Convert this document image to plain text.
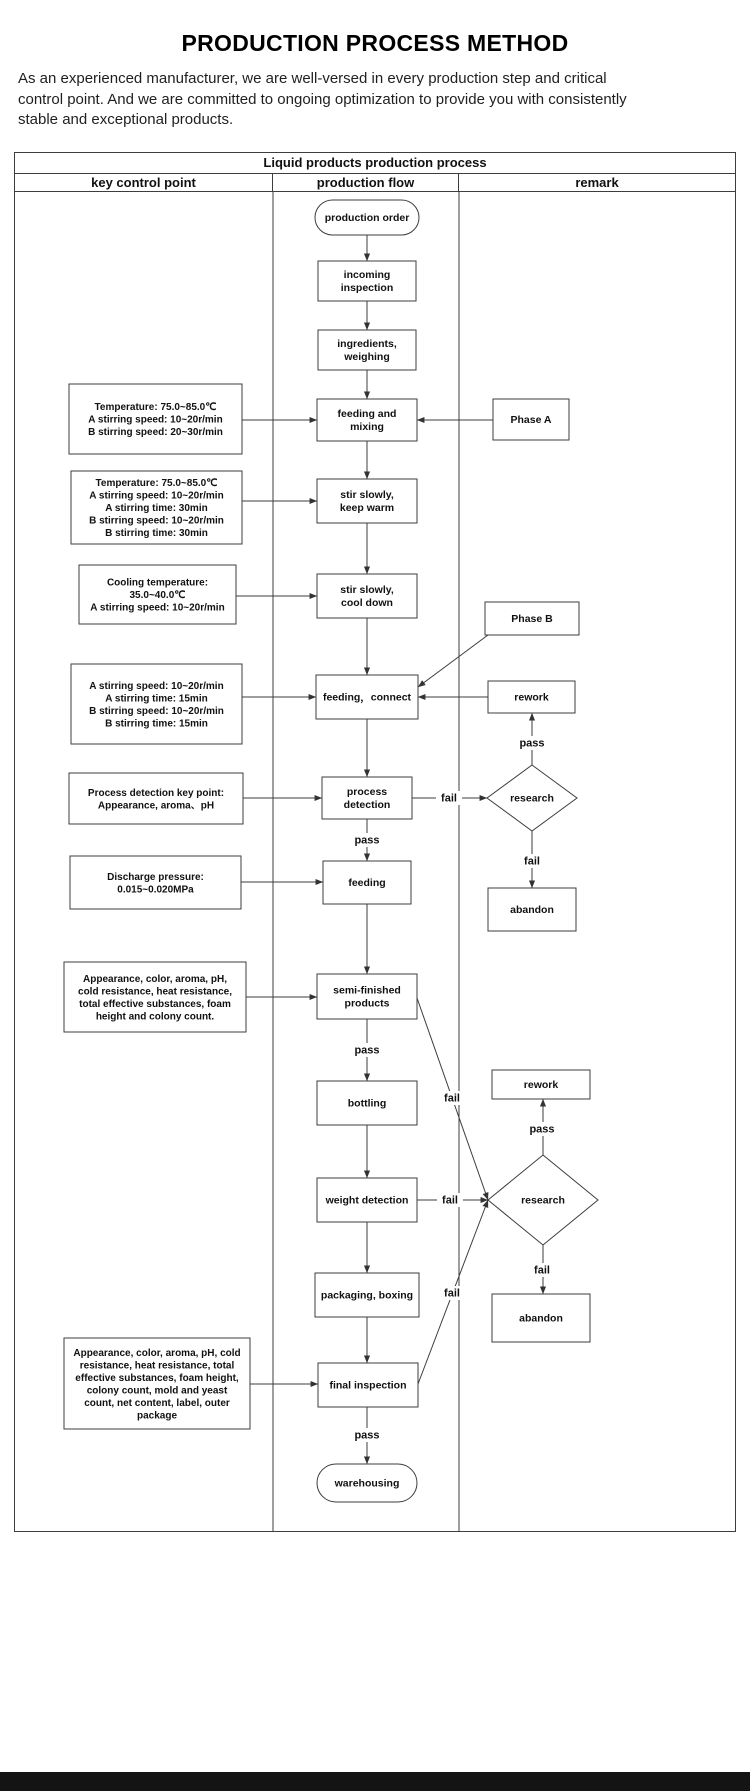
PRODUCTION PROCESS METHOD

As an experienced manufacturer, we are well-versed in every production step and critical control point. And we are committed to ongoing optimization to provide you with consistently stable and exceptional products.

Liquid products production process
key control point	production flow	remark
production order
incoming inspection
ingredients, weighing
feeding and mixing
stir slowly, keep warm
stir slowly, cool down
feeding，connect
process detection
feeding
semi-finished products
bottling
weight detection
packaging, boxing
final inspection
warehousing
Temperature: 75.0~85.0℃ A stirring speed: 10~20r/min B stirring speed: 20~30r/min
Temperature: 75.0~85.0℃ A stirring speed: 10~20r/min A stirring time: 30min B stirring speed: 10~20r/min B stirring time: 30min
Cooling temperature: 35.0~40.0℃ A stirring speed: 10~20r/min
A stirring speed: 10~20r/min A stirring time: 15min B stirring speed: 10~20r/min B stirring time: 15min
Process detection key point: Appearance, aroma、pH
Discharge pressure: 0.015~0.020MPa
Appearance, color, aroma, pH, cold resistance, heat resistance, total effective substances, foam height and colony count.
Appearance, color, aroma, pH, cold resistance, heat resistance, total effective substances, foam height, colony count, mold and yeast count, net content, label, outer package
Phase A
Phase B
rework
research
abandon
rework
research
abandon
pass
pass
pass
pass
fail
fail
fail
fail
fail
pass
fail
